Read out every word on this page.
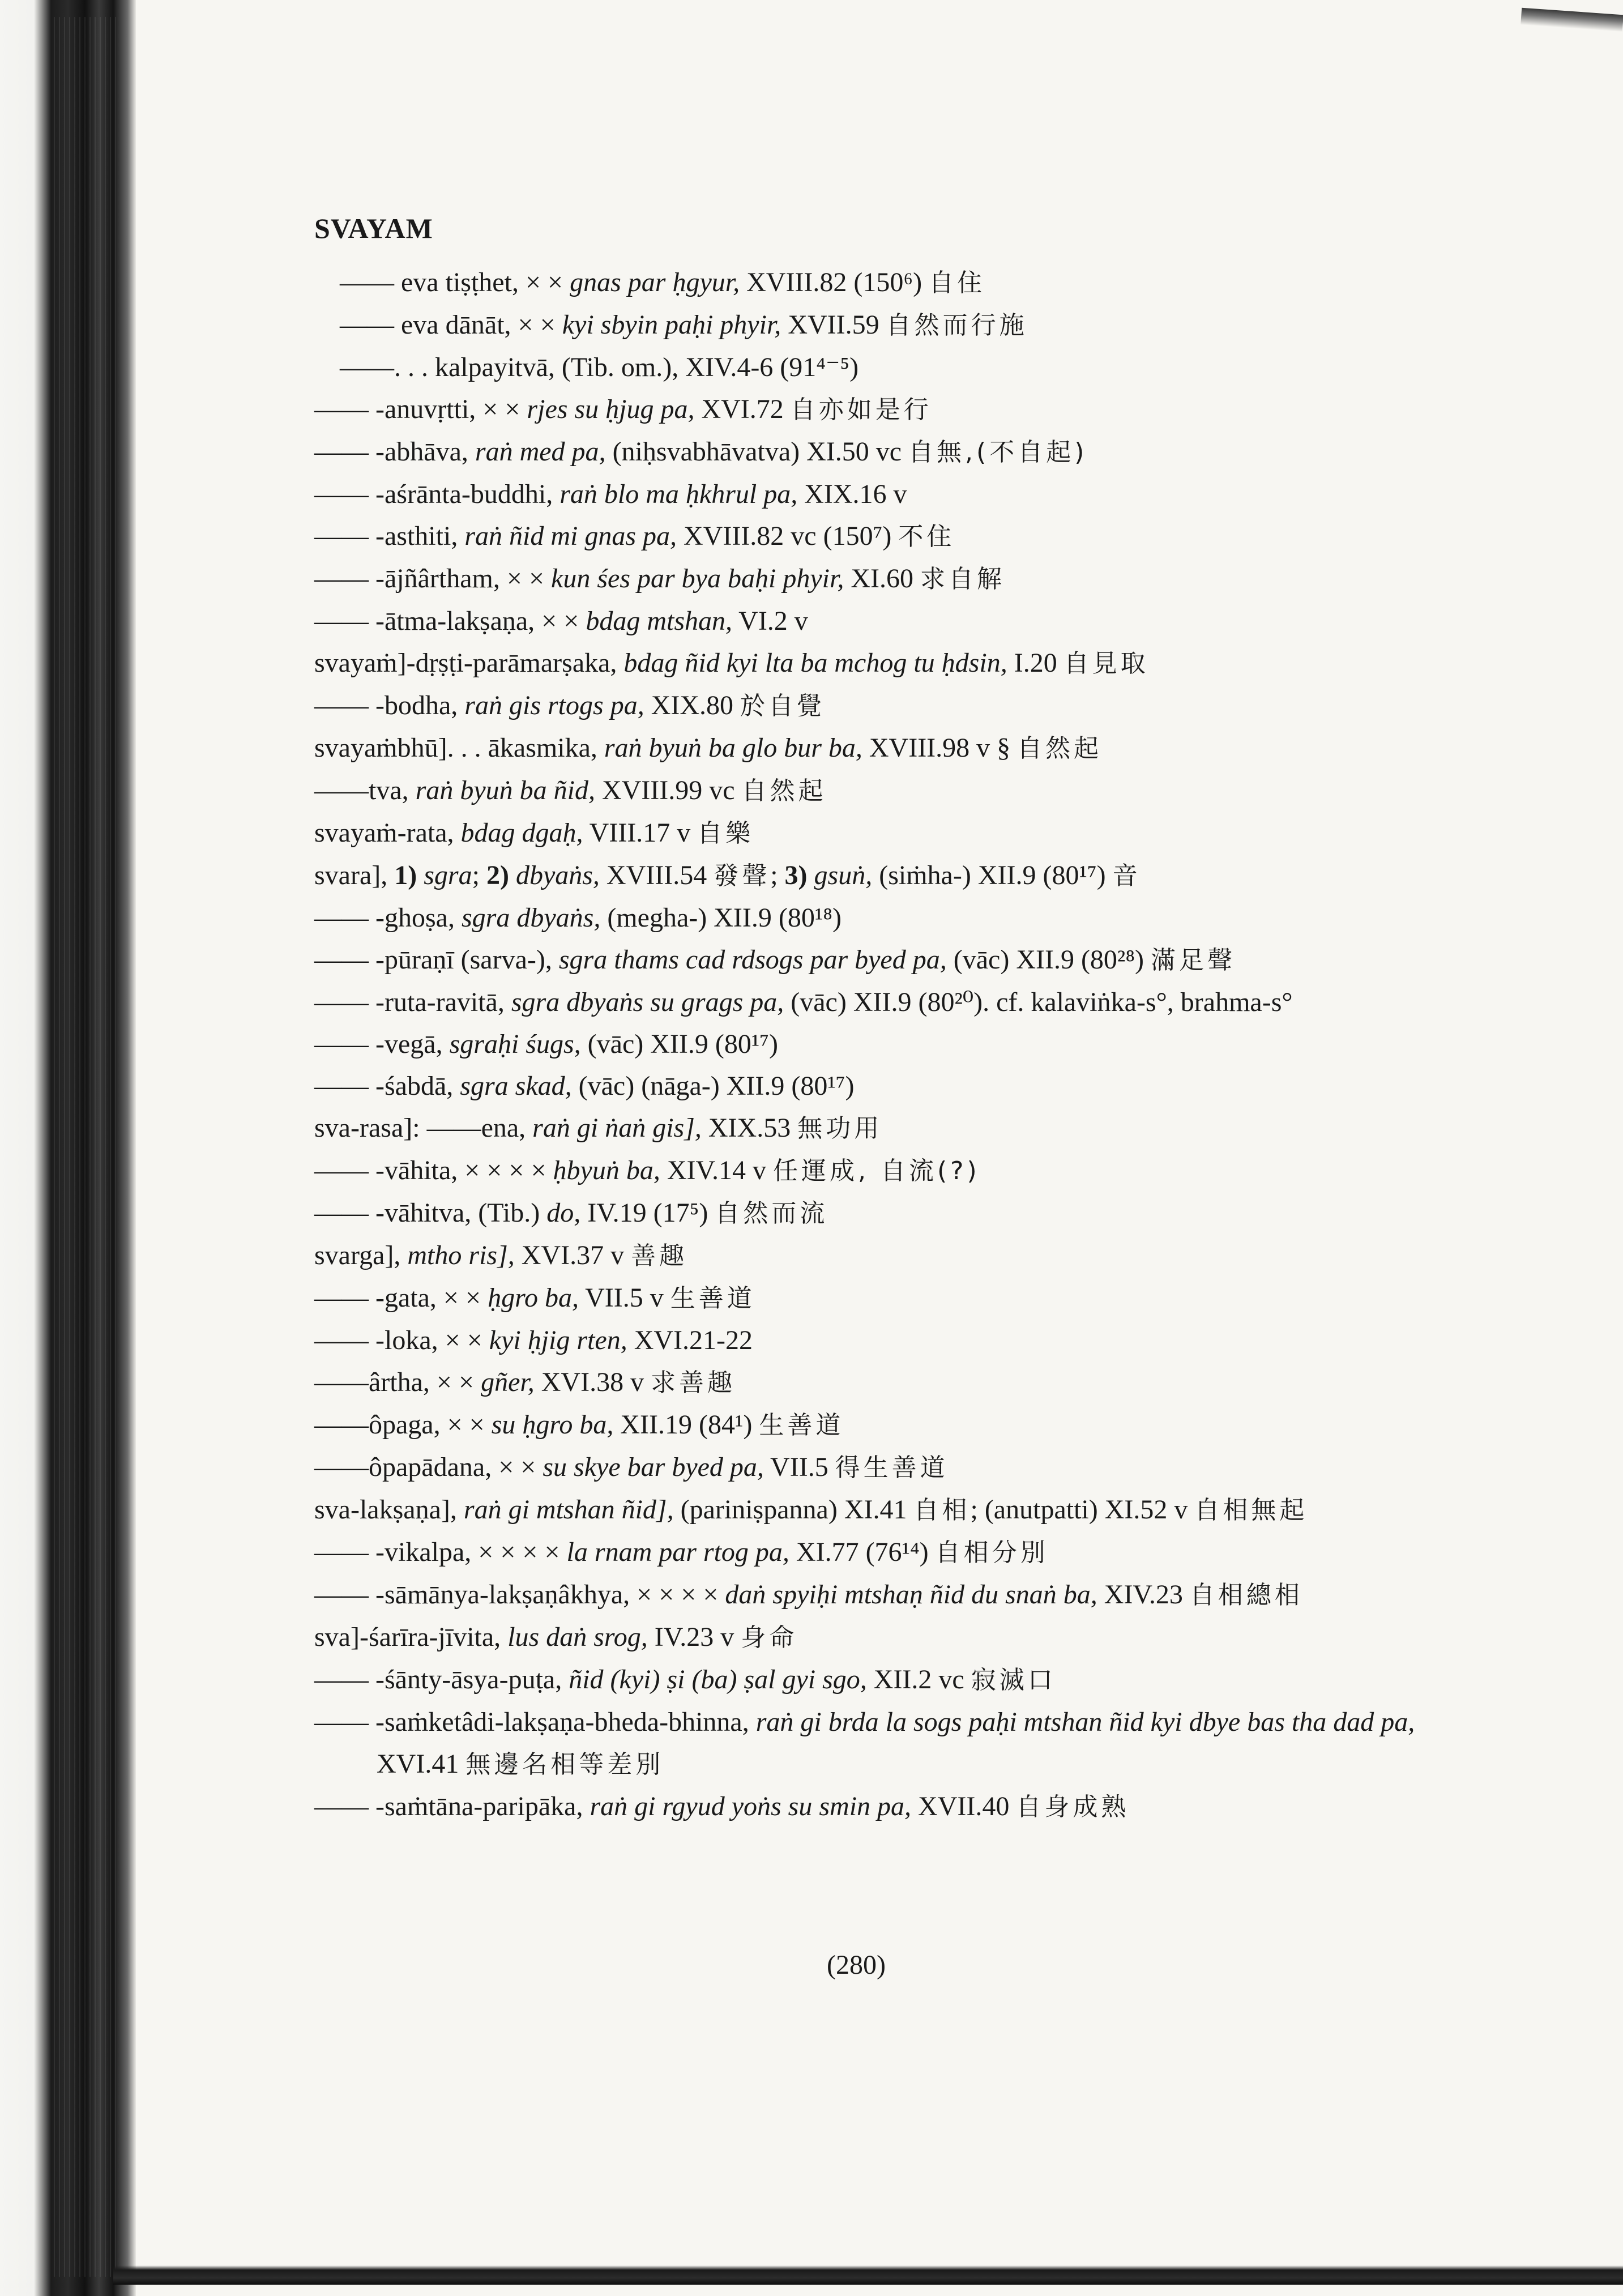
SVAYAM

—— eva tiṣṭhet, × × gnas par ḥgyur, XVIII.82 (150⁶) 自住

—— eva dānāt, × × kyi sbyin paḥi phyir, XVII.59 自然而行施

——. . . kalpayitvā, (Tib. om.), XIV.4-6 (91⁴⁻⁵)

—— -anuvṛtti, × × rjes su ḥjug pa, XVI.72 自亦如是行

—— -abhāva, raṅ med pa, (niḥsvabhāvatva) XI.50 vc 自無,(不自起)

—— -aśrānta-buddhi, raṅ blo ma ḥkhrul pa, XIX.16 v

—— -asthiti, raṅ ñid mi gnas pa, XVIII.82 vc (150⁷) 不住

—— -ājñârtham, × × kun śes par bya baḥi phyir, XI.60 求自解

—— -ātma-lakṣaṇa, × × bdag mtshan, VI.2 v

svayaṁ]-dṛṣṭi-parāmarṣaka, bdag ñid kyi lta ba mchog tu ḥdsin, I.20 自見取

—— -bodha, raṅ gis rtogs pa, XIX.80 於自覺

svayaṁbhū]. . . ākasmika, raṅ byuṅ ba glo bur ba, XVIII.98 v § 自然起

——tva, raṅ byuṅ ba ñid, XVIII.99 vc 自然起

svayaṁ-rata, bdag dgaḥ, VIII.17 v 自樂

svara], 1) sgra; 2) dbyaṅs, XVIII.54 發聲; 3) gsuṅ, (siṁha-) XII.9 (80¹⁷) 音

—— -ghoṣa, sgra dbyaṅs, (megha-) XII.9 (80¹⁸)

—— -pūraṇī (sarva-), sgra thams cad rdsogs par byed pa, (vāc) XII.9 (80²⁸) 滿足聲

—— -ruta-ravitā, sgra dbyaṅs su grags pa, (vāc) XII.9 (80²⁰). cf. kalaviṅka-s°, brahma-s°

—— -vegā, sgraḥi śugs, (vāc) XII.9 (80¹⁷)

—— -śabdā, sgra skad, (vāc) (nāga-) XII.9 (80¹⁷)

sva-rasa]: ——ena, raṅ gi ṅaṅ gis], XIX.53 無功用

—— -vāhita, × × × × ḥbyuṅ ba, XIV.14 v 任運成, 自流(?)

—— -vāhitva, (Tib.) do, IV.19 (17⁵) 自然而流

svarga], mtho ris], XVI.37 v 善趣

—— -gata, × × ḥgro ba, VII.5 v 生善道

—— -loka, × × kyi ḥjig rten, XVI.21-22

——ârtha, × × gñer, XVI.38 v 求善趣

——ôpaga, × × su ḥgro ba, XII.19 (84¹) 生善道

——ôpapādana, × × su skye bar byed pa, VII.5 得生善道

sva-lakṣaṇa], raṅ gi mtshan ñid], (pariniṣpanna) XI.41 自相; (anutpatti) XI.52 v 自相無起

—— -vikalpa, × × × × la rnam par rtog pa, XI.77 (76¹⁴) 自相分別

—— -sāmānya-lakṣaṇâkhya, × × × × daṅ spyiḥi mtshaṇ ñid du snaṅ ba, XIV.23 自相總相

sva]-śarīra-jīvita, lus daṅ srog, IV.23 v 身命

—— -śānty-āsya-puṭa, ñid (kyi) ṣi (ba) ṣal gyi sgo, XII.2 vc 寂滅口

—— -saṁketâdi-lakṣaṇa-bheda-bhinna, raṅ gi brda la sogs paḥi mtshan ñid kyi dbye bas tha dad pa, XVI.41 無邊名相等差別

—— -saṁtāna-paripāka, raṅ gi rgyud yoṅs su smin pa, XVII.40 自身成熟

(280)
